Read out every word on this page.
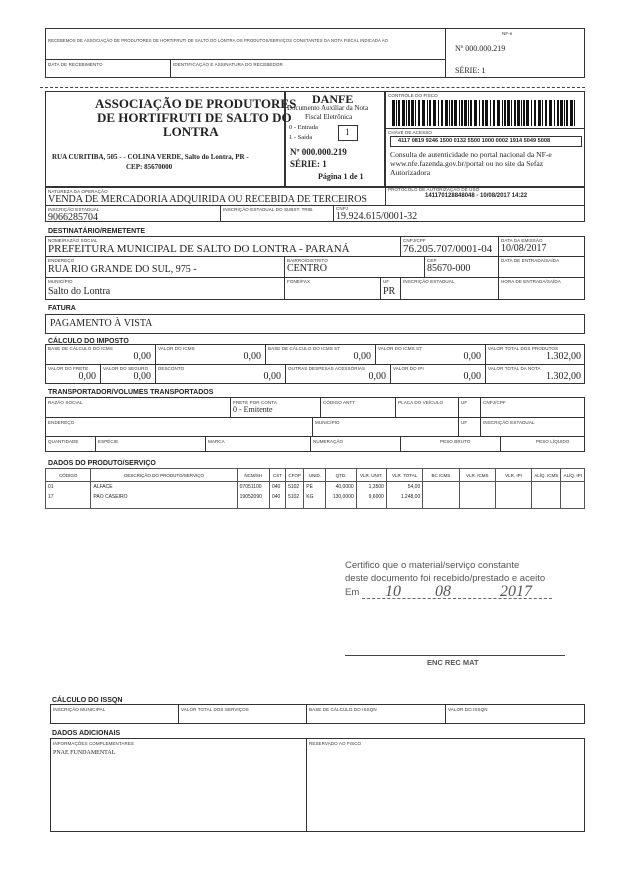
RECEBEMOS DE ASSOCIAÇÃO DE PRODUTORES DE HORTIFRUTI DE SALTO DO LONTRA OS PRODUTOS/SERVIÇOS CONSTANTES DA NOTA FISCAL INDICADA AO
DATA DE RECEBIMENTO	IDENTIFICAÇÃO E ASSINATURA DO RECEBEDOR
NF-e
Nº 000.000.219
SÉRIE: 1
ASSOCIAÇÃO DE PRODUTORES
DE HORTIFRUTI DE SALTO DO
LONTRA
RUA CURITIBA, 505 - - COLINA VERDE, Salto do Lontra, PR -
CEP: 85670000
DANFE
Documento Auxiliar da Nota
Fiscal Eletrônica
0 - Entrada
1 - Saída
1
Nº 000.000.219
SÉRIE: 1
Página 1 de 1
CONTROLE DO FISCO
CHAVE DE ACESSO
4117 0819 9246 1500 0132 5500 1000 0002 1914 5049 5008
Consulta de autenticidade no portal nacional da NF-e www.nfe.fazenda.gov.br/portal ou no site da Sefaz Autorizadora
NATUREZA DA OPERAÇÃO
VENDA DE MERCADORIA ADQUIRIDA OU RECEBIDA DE TERCEIROS
PROTOCOLO DE AUTORIZAÇÃO DE USO
141170128848048 - 10/08/2017 14:22
INSCRIÇÃO ESTADUAL
9066285704
INSCRIÇÃO ESTADUAL DO SUBST. TRIB.	CNPJ
19.924.615/0001-32
DESTINATÁRIO/REMETENTE
NOME/RAZÃO SOCIAL
PREFEITURA MUNICIPAL DE SALTO DO LONTRA - PARANÁ
CNPJ/CPF
76.205.707/0001-04
DATA DA EMISSÃO
10/08/2017
ENDEREÇO
RUA RIO GRANDE DO SUL, 975 -
BAIRRO/DISTRITO
CENTRO
CEP
85670-000
DATA DE ENTRADA/SAÍDA
MUNICÍPIO
Salto do Lontra
FONE/FAX	UF
PR
INSCRIÇÃO ESTADUAL	HORA DE ENTRADA/SAÍDA
FATURA
PAGAMENTO À VISTA
CÁLCULO DO IMPOSTO
TRANSPORTADOR/VOLUMES TRANSPORTADOS
RAZÃO SOCIAL	FRETE POR CONTA
0 - Emitente
CÓDIGO ANTT	PLACA DO VEÍCULO	UF	CNPJ/CPF
ENDEREÇO	MUNICÍPIO	UF	INSCRIÇÃO ESTADUAL
QUANTIDADE	ESPÉCIE	MARCA	NUMERAÇÃO	PESO BRUTO	PESO LÍQUIDO
DADOS DO PRODUTO/SERVIÇO
CÓDIGO	DESCRIÇÃO DO PRODUTO/SERVIÇO	NCM/SH	CST	CFOP	UNID.	QTD.	VLR. UNIT.	VLR. TOTAL	BC ICMS	VLR. ICMS	VLR. IPI	ALÍQ. ICMS	ALÍQ. IPI
01	ALFACE	07051100	040	5102	PÉ	40,0000	1,3500	54,00					
17	PAO CASEIRO	19052090	040	5102	KG	130,0000	9,6000	1.248,00					

Certifico que o material/serviço constante
deste documento foi recebido/prestado e aceito
Em 10 08	2017
ENC REC MAT
CÁLCULO DO ISSQN
INSCRIÇÃO MUNICIPAL	VALOR TOTAL DOS SERVIÇOS	BASE DE CÁLCULO DO ISSQN	VALOR DO ISSQN
DADOS ADICIONAIS
INFORMAÇÕES COMPLEMENTARES
PNAE FUNDAMENTAL
RESERVADO AO FISCO
BASE DE CÁLCULO DO ICMS
0,00
VALOR DO ICMS
0,00
BASE DE CÁLCULO DO ICMS ST
0,00
VALOR DO ICMS ST
0,00
VALOR TOTAL DOS PRODUTOS
1.302,00
VALOR DO FRETE
0,00
VALOR DO SEGURO
0,00
DESCONTO
0,00
OUTRAS DESPESAS ACESSÓRIAS
0,00
VALOR DO IPI
0,00
VALOR TOTAL DA NOTA
1.302,00
